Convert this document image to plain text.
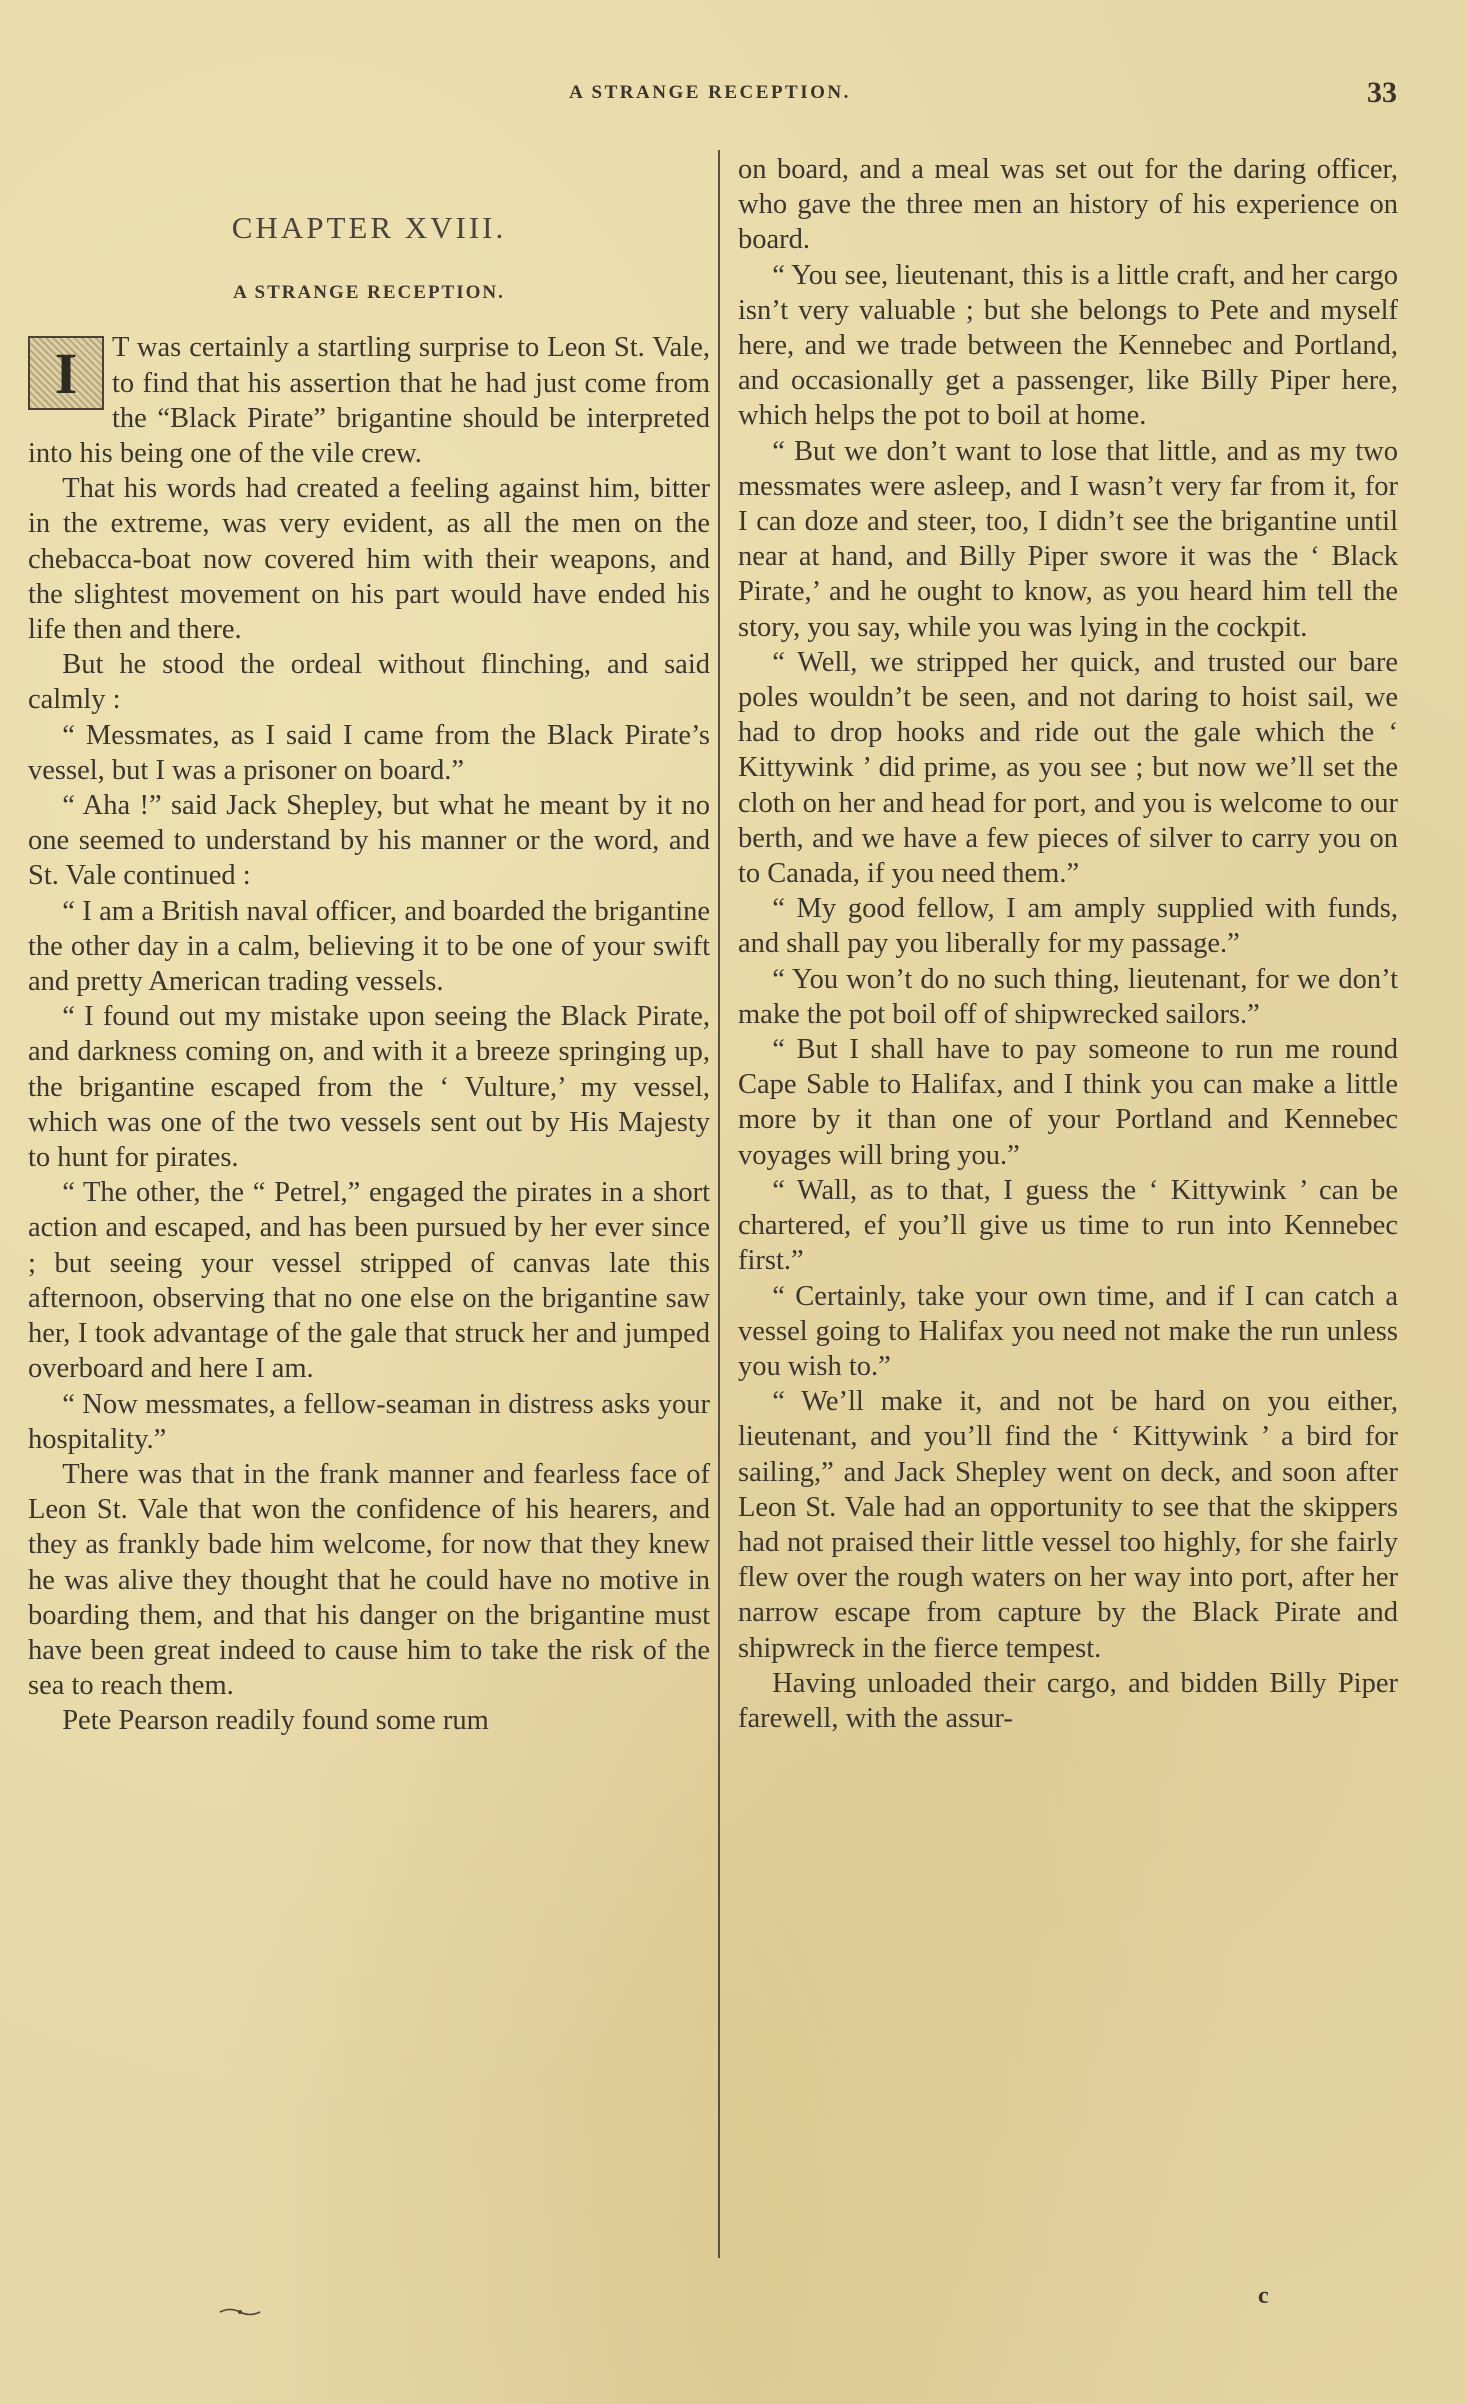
A STRANGE RECEPTION.	33
CHAPTER XVIII.
A STRANGE RECEPTION.

I	T was certainly a startling surprise to Leon St. Vale, to find that his assertion that he had just come from the “Black Pirate” brigantine should be interpreted into his being one of the vile crew.

That his words had created a feeling against him, bitter in the extreme, was very evident, as all the men on the chebacca-boat now covered him with their weapons, and the slightest movement on his part would have ended his life then and there.

But he stood the ordeal without flinching, and said calmly :

“ Messmates, as I said I came from the Black Pirate’s vessel, but I was a prisoner on board.”

“ Aha !” said Jack Shepley, but what he meant by it no one seemed to understand by his manner or the word, and St. Vale continued :

“ I am a British naval officer, and boarded the brigantine the other day in a calm, believing it to be one of your swift and pretty American trading vessels.

“ I found out my mistake upon seeing the Black Pirate, and darkness coming on, and with it a breeze springing up, the brigantine escaped from the ‘ Vulture,’ my vessel, which was one of the two vessels sent out by His Majesty to hunt for pirates.

“ The other, the “ Petrel,” engaged the pirates in a short action and escaped, and has been pursued by her ever since ; but seeing your vessel stripped of canvas late this afternoon, observing that no one else on the brigantine saw her, I took advantage of the gale that struck her and jumped overboard and here I am.

“ Now messmates, a fellow-seaman in distress asks your hospitality.”

There was that in the frank manner and fearless face of Leon St. Vale that won the confidence of his hearers, and they as frankly bade him welcome, for now that they knew he was alive they thought that he could have no motive in boarding them, and that his danger on the brigantine must have been great indeed to cause him to take the risk of the sea to reach them.

Pete Pearson readily found some rum

on board, and a meal was set out for the daring officer, who gave the three men an history of his experience on board.

“ You see, lieutenant, this is a little craft, and her cargo isn’t very valuable ; but she belongs to Pete and myself here, and we trade between the Kennebec and Portland, and occasionally get a passenger, like Billy Piper here, which helps the pot to boil at home.

“ But we don’t want to lose that little, and as my two messmates were asleep, and I wasn’t very far from it, for I can doze and steer, too, I didn’t see the brigantine until near at hand, and Billy Piper swore it was the ‘ Black Pirate,’ and he ought to know, as you heard him tell the story, you say, while you was lying in the cockpit.

“ Well, we stripped her quick, and trusted our bare poles wouldn’t be seen, and not daring to hoist sail, we had to drop hooks and ride out the gale which the ‘ Kittywink ’ did prime, as you see ; but now we’ll set the cloth on her and head for port, and you is welcome to our berth, and we have a few pieces of silver to carry you on to Canada, if you need them.”

“ My good fellow, I am amply supplied with funds, and shall pay you liberally for my passage.”

“ You won’t do no such thing, lieutenant, for we don’t make the pot boil off of shipwrecked sailors.”

“ But I shall have to pay someone to run me round Cape Sable to Halifax, and I think you can make a little more by it than one of your Portland and Kennebec voyages will bring you.”

“ Wall, as to that, I guess the ‘ Kittywink ’ can be chartered, ef you’ll give us time to run into Kennebec first.”

“ Certainly, take your own time, and if I can catch a vessel going to Halifax you need not make the run unless you wish to.”

“ We’ll make it, and not be hard on you either, lieutenant, and you’ll find the ‘ Kittywink ’ a bird for sailing,” and Jack Shepley went on deck, and soon after Leon St. Vale had an opportunity to see that the skippers had not praised their little vessel too highly, for she fairly flew over the rough waters on her way into port, after her narrow escape from capture by the Black Pirate and shipwreck in the fierce tempest.

Having unloaded their cargo, and bidden Billy Piper farewell, with the assur-

c
